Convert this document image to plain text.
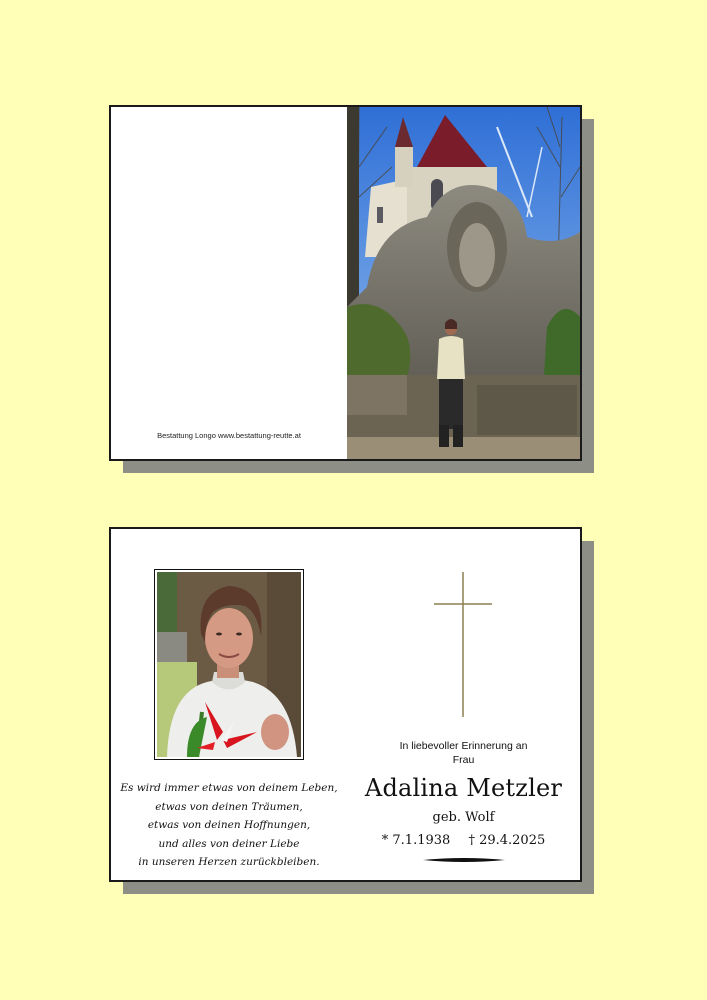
Bestattung Longo www.bestattung-reutte.at
Es wird immer etwas von deinem Leben,
etwas von deinen Träumen,
etwas von deinen Hoffnungen,
und alles von deiner Liebe
in unseren Herzen zurückbleiben.
In liebevoller Erinnerung an
Frau
Adalina Metzler
geb. Wolf
* 7.1.1938 † 29.4.2025
